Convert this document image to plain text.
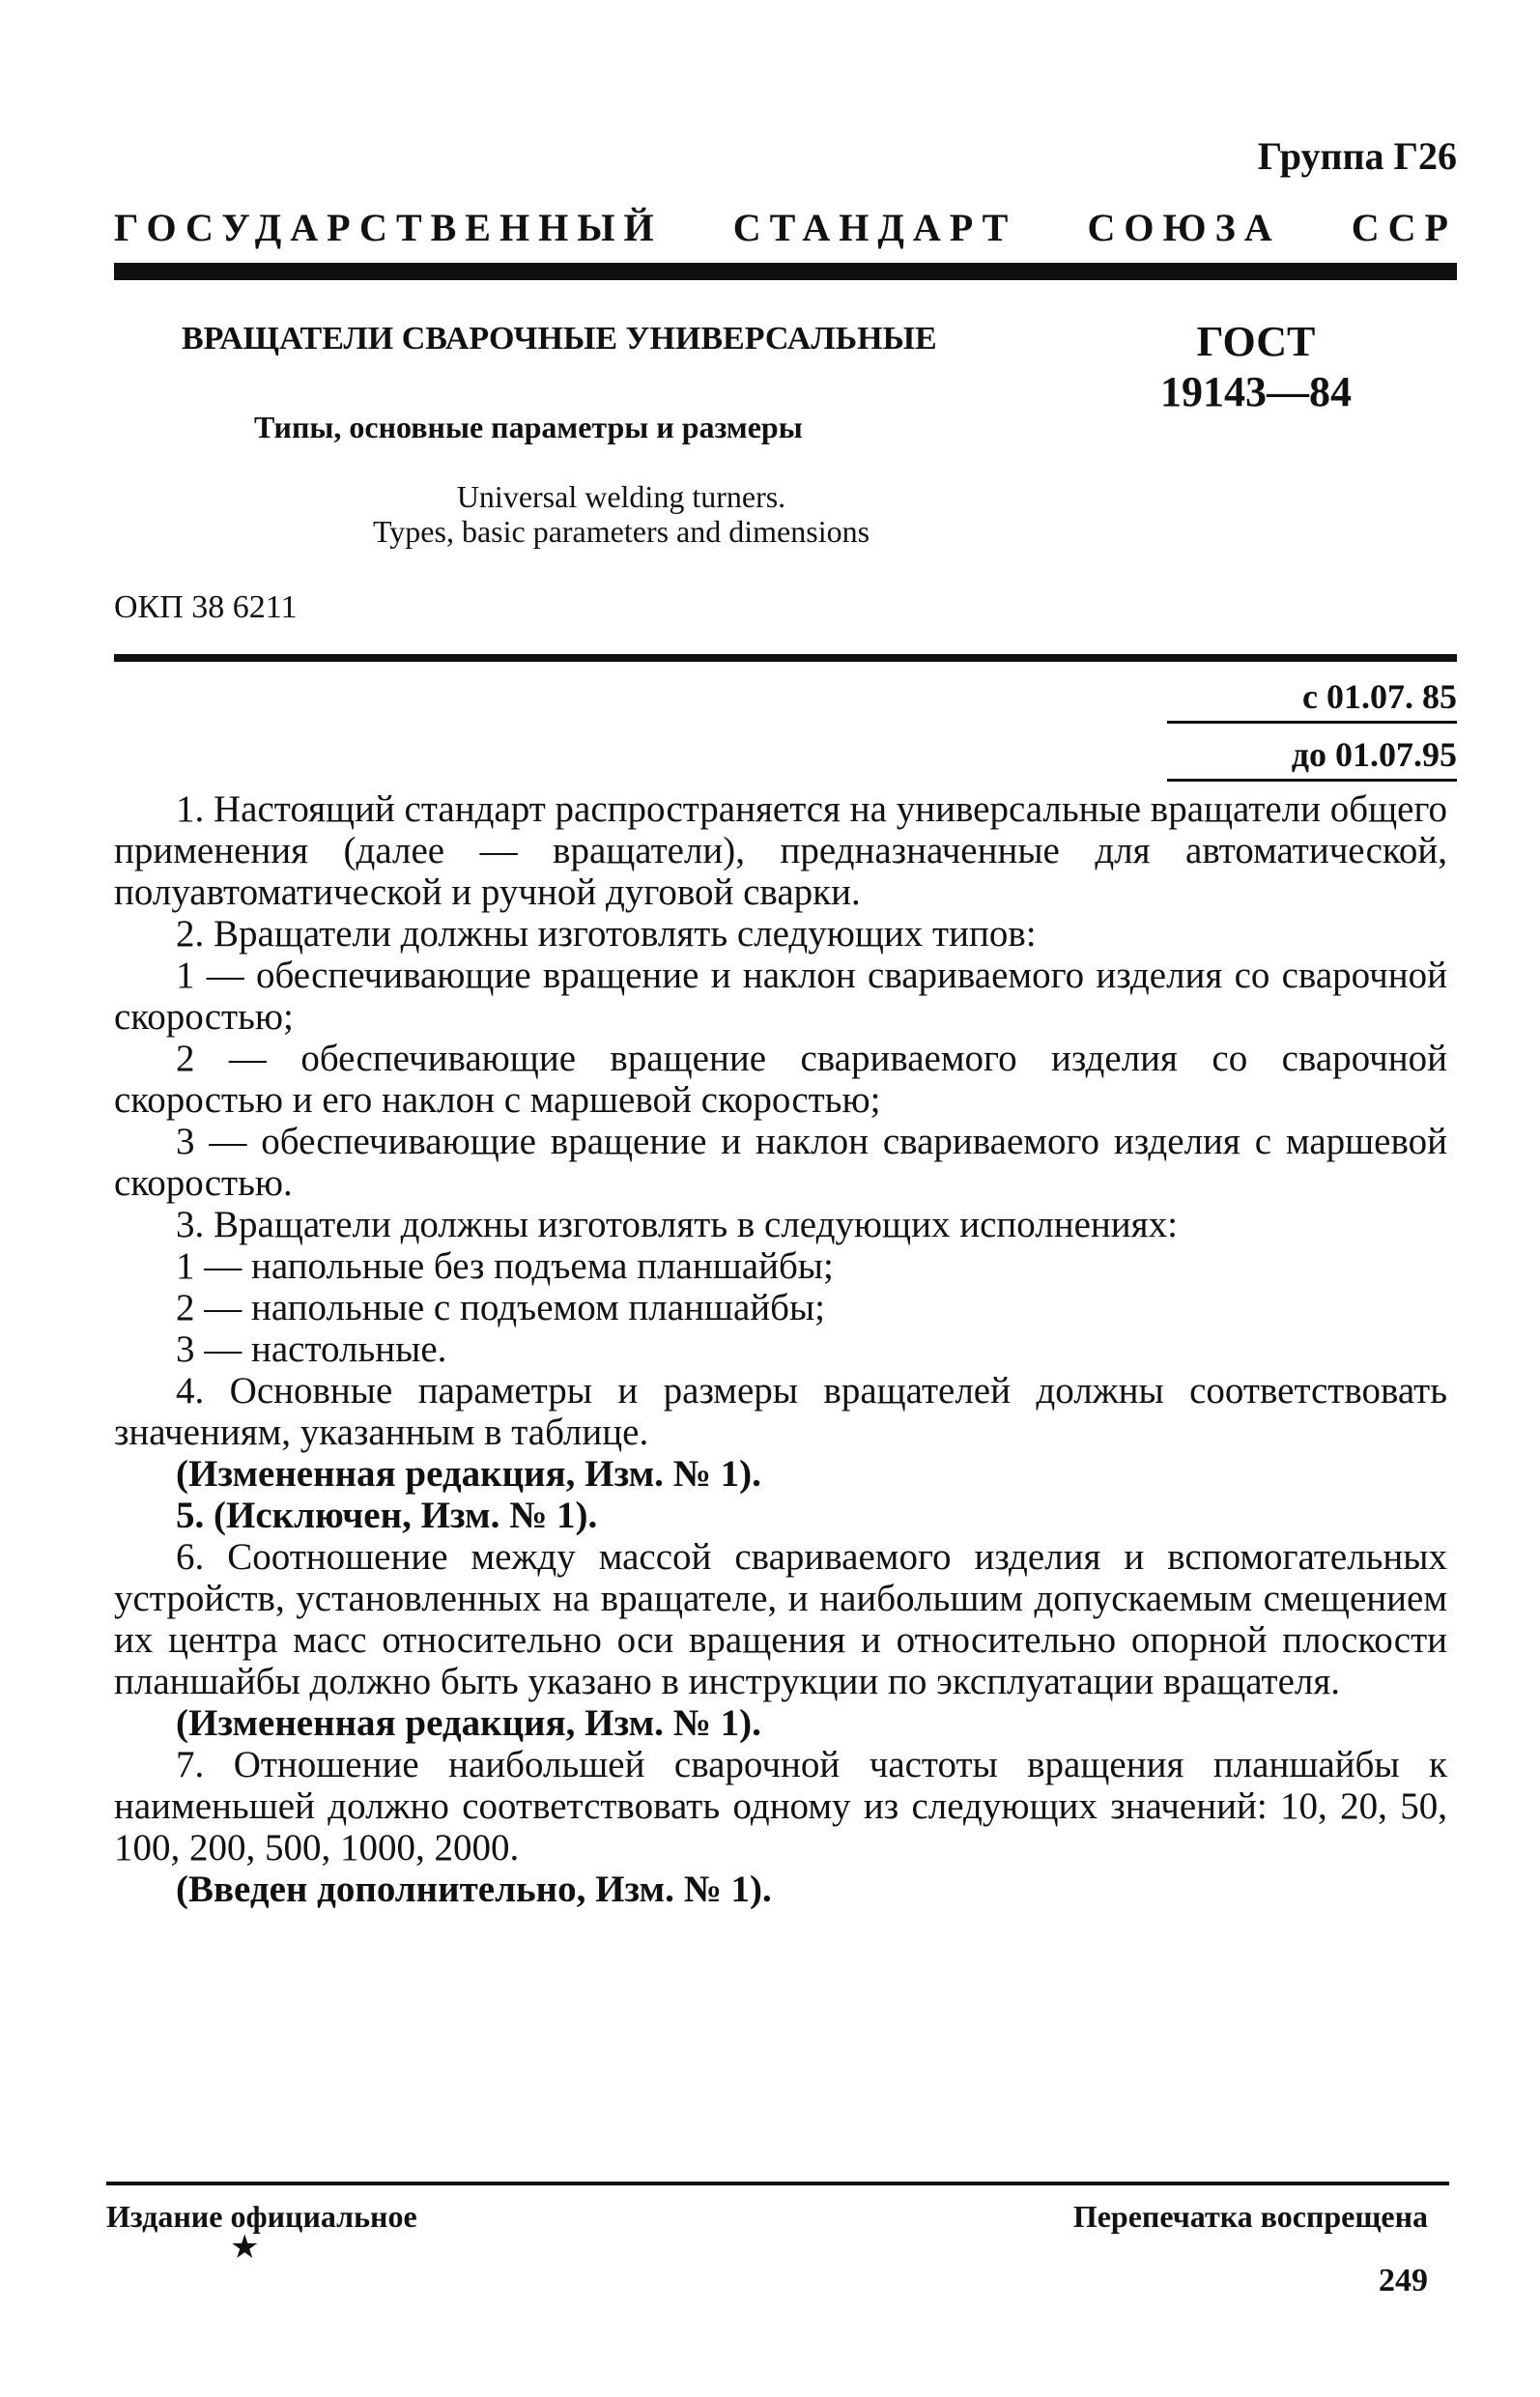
Группа Г26
ГОСУДАРСТВЕННЫЙ СТАНДАРТ СОЮЗА ССР
ВРАЩАТЕЛИ СВАРОЧНЫЕ УНИВЕРСАЛЬНЫЕ
Типы, основные параметры и размеры
Universal welding turners.
Types, basic parameters and dimensions
ГОСТ
19143—84
ОКП 38 6211
с 01.07. 85
до 01.07.95

1. Настоящий стандарт распространяется на универсальные вращатели общего применения (далее — вращатели), предназначенные для автоматической, полуавтоматической и ручной дуговой сварки.

2. Вращатели должны изготовлять следующих типов:

1 — обеспечивающие вращение и наклон свариваемого изделия со сварочной скоростью;

2 — обеспечивающие вращение свариваемого изделия со сварочной скоростью и его наклон с маршевой скоростью;

3 — обеспечивающие вращение и наклон свариваемого изделия с маршевой скоростью.

3. Вращатели должны изготовлять в следующих исполнениях:

1 — напольные без подъема планшайбы;

2 — напольные с подъемом планшайбы;

3 — настольные.

4. Основные параметры и размеры вращателей должны соответствовать значениям, указанным в таблице.

(Измененная редакция, Изм. № 1).

5. (Исключен, Изм. № 1).

6. Соотношение между массой свариваемого изделия и вспомогательных устройств, установленных на вращателе, и наибольшим допускаемым смещением их центра масс относительно оси вращения и относительно опорной плоскости планшайбы должно быть указано в инструкции по эксплуатации вращателя.

(Измененная редакция, Изм. № 1).

7. Отношение наибольшей сварочной частоты вращения планшайбы к наименьшей должно соответствовать одному из следующих значений: 10, 20, 50, 100, 200, 500, 1000, 2000.

(Введен дополнительно, Изм. № 1).

Издание официальное	Перепечатка воспрещена
★
249
